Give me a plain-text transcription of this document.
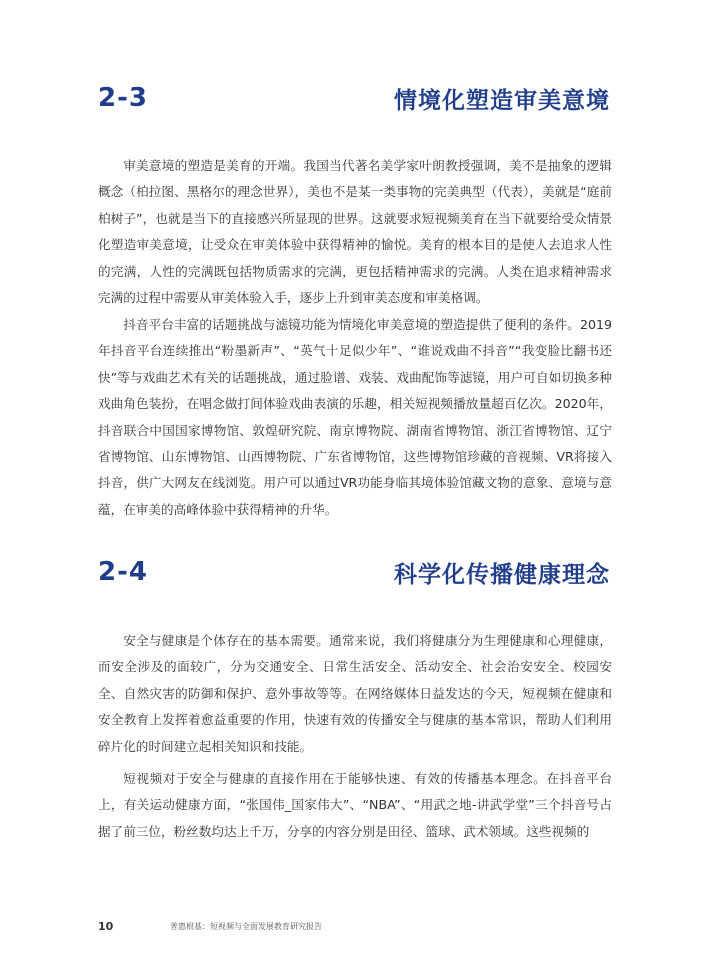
2-3	情境化塑造审美意境

审美意境的塑造是美育的开端。我国当代著名美学家叶朗教授强调，美不是抽象的逻辑概念（柏拉图、黑格尔的理念世界），美也不是某一类事物的完美典型（代表），美就是“庭前柏树子”，也就是当下的直接感兴所显现的世界。这就要求短视频美育在当下就要给受众情景化塑造审美意境，让受众在审美体验中获得精神的愉悦。美育的根本目的是使人去追求人性的完满，人性的完满既包括物质需求的完满，更包括精神需求的完满。人类在追求精神需求完满的过程中需要从审美体验入手，逐步上升到审美态度和审美格调。

抖音平台丰富的话题挑战与滤镜功能为情境化审美意境的塑造提供了便利的条件。2019年抖音平台连续推出“粉墨新声”、“英气十足似少年”、“谁说戏曲不抖音”“我变脸比翻书还快”等与戏曲艺术有关的话题挑战，通过脸谱、戏装、戏曲配饰等滤镜，用户可自如切换多种戏曲角色装扮，在唱念做打间体验戏曲表演的乐趣，相关短视频播放量超百亿次。2020年，抖音联合中国国家博物馆、敦煌研究院、南京博物院、湖南省博物馆、浙江省博物馆、辽宁省博物馆、山东博物馆、山西博物院、广东省博物馆，这些博物馆珍藏的音视频、VR将接入抖音，供广大网友在线浏览。用户可以通过VR功能身临其境体验馆藏文物的意象、意境与意蕴，在审美的高峰体验中获得精神的升华。

2-4	科学化传播健康理念

安全与健康是个体存在的基本需要。通常来说，我们将健康分为生理健康和心理健康，而安全涉及的面较广，分为交通安全、日常生活安全、活动安全、社会治安安全、校园安全、自然灾害的防御和保护、意外事故等等。在网络媒体日益发达的今天，短视频在健康和安全教育上发挥着愈益重要的作用，快速有效的传播安全与健康的基本常识，帮助人们利用碎片化的时间建立起相关知识和技能。

短视频对于安全与健康的直接作用在于能够快速、有效的传播基本理念。在抖音平台上，有关运动健康方面，“张国伟_国家伟大”、“NBA”、“用武之地-讲武学堂”三个抖音号占据了前三位，粉丝数均达上千万，分享的内容分别是田径、篮球、武术领域。这些视频的

10	普惠根基：短视频与全面发展教育研究报告
